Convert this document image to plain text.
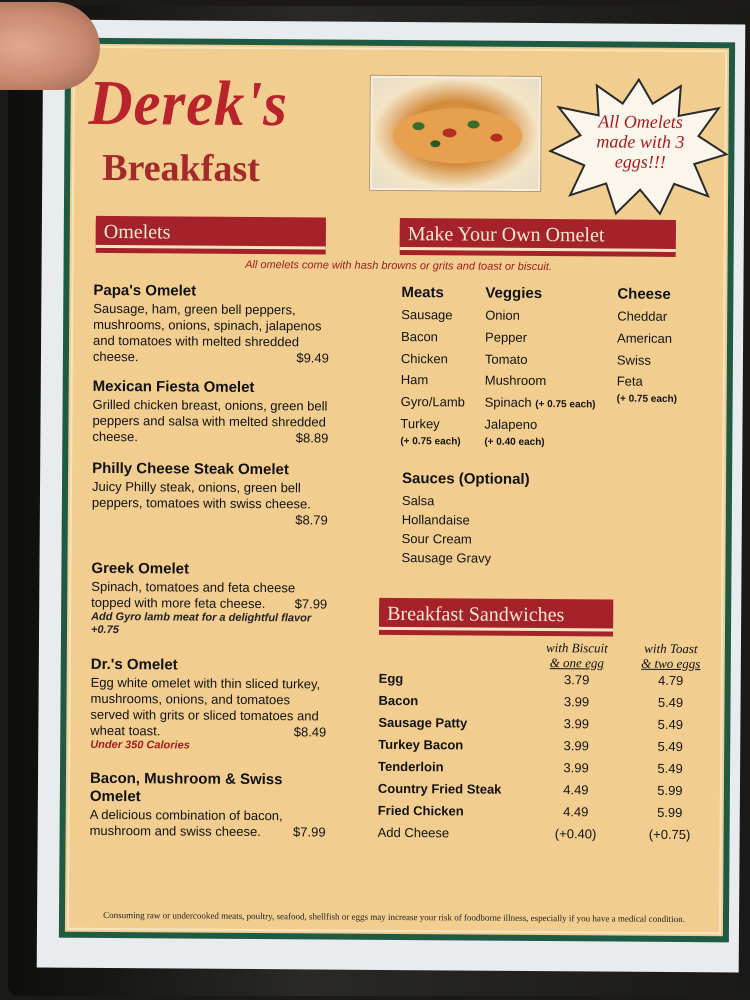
Derek's
Breakfast
All Omelets made with 3 eggs!!!
Omelets	Make Your Own Omelet
All omelets come with hash browns or grits and toast or biscuit.
Papa's Omelet
Sausage, ham, green bell peppers, mushrooms, onions, spinach, jalapenos and tomatoes with melted shredded cheese.	$9.49
Mexican Fiesta Omelet
Grilled chicken breast, onions, green bell peppers and salsa with melted shredded cheese.	$8.89
Philly Cheese Steak Omelet
Juicy Philly steak, onions, green bell peppers, tomatoes with swiss cheese.
$8.79
Greek Omelet
Spinach, tomatoes and feta cheese topped with more feta cheese. $7.99
Add Gyro lamb meat for a delightful flavor +0.75
Dr.'s Omelet
Egg white omelet with thin sliced turkey, mushrooms, onions, and tomatoes served with grits or sliced tomatoes and wheat toast.	$8.49
Under 350 Calories
Bacon, Mushroom & Swiss Omelet
A delicious combination of bacon, mushroom and swiss cheese. $7.99
Meats
Sausage
Bacon
Chicken
Ham
Gyro/Lamb
Turkey
(+ 0.75 each)
Veggies
Onion
Pepper
Tomato
Mushroom
Spinach (+ 0.75 each)
Jalapeno
(+ 0.40 each)
Cheese
Cheddar
American
Swiss
Feta
(+ 0.75 each)
Sauces (Optional)
Salsa
Hollandaise
Sour Cream
Sausage Gravy
Breakfast Sandwiches
with Biscuit
& one egg
with Toast
& two eggs
Egg	3.79	4.79
Bacon	3.99	5.49
Sausage Patty	3.99	5.49
Turkey Bacon	3.99	5.49
Tenderloin	3.99	5.49
Country Fried Steak	4.49	5.99
Fried Chicken	4.49	5.99
Add Cheese	(+0.40)	(+0.75)
Consuming raw or undercooked meats, poultry, seafood, shellfish or eggs may increase your risk of foodborne illness, especially if you have a medical condition.
